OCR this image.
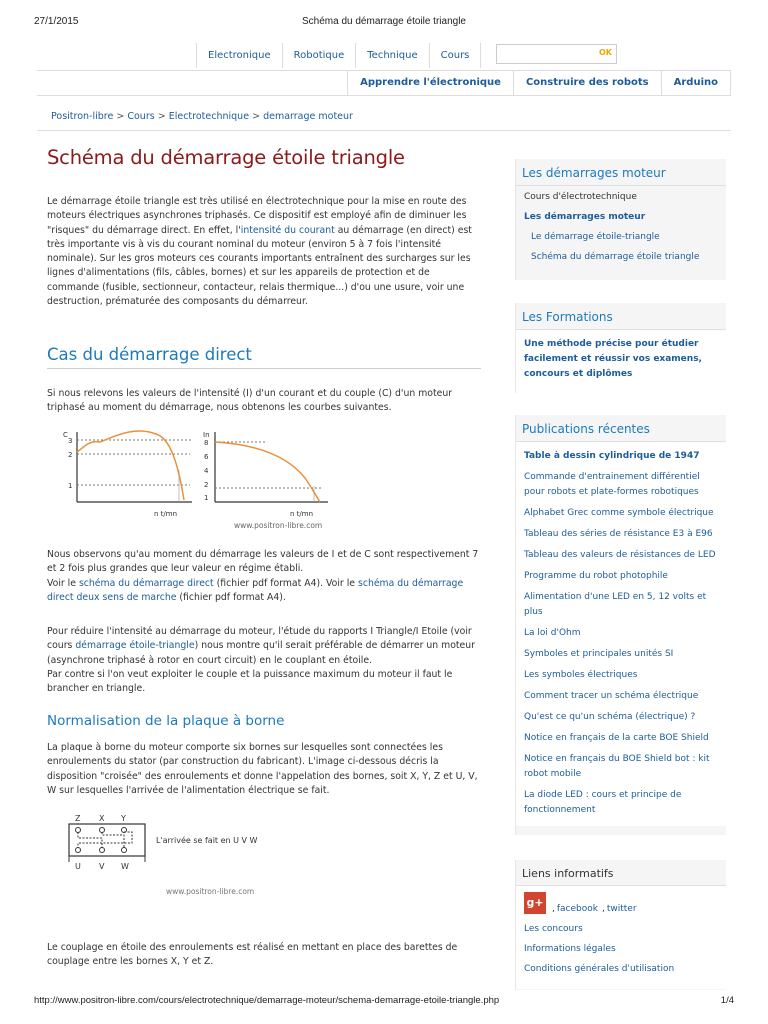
27/1/2015	Schéma du démarrage étoile triangle
Electronique	Robotique	Technique	Cours	OK
Apprendre l'électronique	Construire des robots	Arduino
Positron-libre > Cours > Electrotechnique > demarrage moteur
Schéma du démarrage étoile triangle

Le démarrage étoile triangle est très utilisé en électrotechnique pour la mise en route des moteurs électriques asynchrones triphasés. Ce dispositif est employé afin de diminuer les "risques" du démarrage direct. En effet, l'intensité du courant au démarrage (en direct) est très importante vis à vis du courant nominal du moteur (environ 5 à 7 fois l'intensité nominale). Sur les gros moteurs ces courants importants entraînent des surcharges sur les lignes d'alimentations (fils, câbles, bornes) et sur les appareils de protection et de commande (fusible, sectionneur, contacteur, relais thermique...) d'ou une usure, voir une destruction, prématurée des composants du démarreur.

Cas du démarrage direct

Si nous relevons les valeurs de l'intensité (I) d'un courant et du couple (C) d'un moteur triphasé au moment du démarrage, nous obtenons les courbes suivantes.

C
3
2
1
n t/mn
In
8
6
4
2
1
n t/mn
www.positron-libre.com

Nous observons qu'au moment du démarrage les valeurs de I et de C sont respectivement 7 et 2 fois plus grandes que leur valeur en régime établi.
Voir le schéma du démarrage direct (fichier pdf format A4). Voir le schéma du démarrage direct deux sens de marche (fichier pdf format A4).

Pour réduire l'intensité au démarrage du moteur, l'étude du rapports I Triangle/I Etoile (voir cours démarrage étoile-triangle) nous montre qu'il serait préférable de démarrer un moteur (asynchrone triphasé à rotor en court circuit) en le couplant en étoile.
Par contre si l'on veut exploiter le couple et la puissance maximum du moteur il faut le brancher en triangle.

Normalisation de la plaque à borne

La plaque à borne du moteur comporte six bornes sur lesquelles sont connectées les enroulements du stator (par construction du fabricant). L'image ci-dessous décris la disposition "croisée" des enroulements et donne l'appelation des bornes, soit X, Y, Z et U, V, W sur lesquelles l'arrivée de l'alimentation électrique se fait.

Z X Y
U V W
L'arrivée se fait en U V W
www.positron-libre.com

Le couplage en étoile des enroulements est réalisé en mettant en place des barettes de couplage entre les bornes X, Y et Z.

Les démarrages moteur
Cours d'électrotechnique
Les démarrages moteur
Le démarrage étoile-triangle
Schéma du démarrage étoile triangle
Les Formations
Une méthode précise pour étudier facilement et réussir vos examens, concours et diplômes
Publications récentes
Table à dessin cylindrique de 1947
Commande d'entrainement différentiel pour robots et plate-formes robotiques
Alphabet Grec comme symbole électrique
Tableau des séries de résistance E3 à E96
Tableau des valeurs de résistances de LED
Programme du robot photophile
Alimentation d'une LED en 5, 12 volts et plus
La loi d'Ohm
Symboles et principales unités SI
Les symboles électriques
Comment tracer un schéma électrique
Qu'est ce qu'un schéma (électrique) ?
Notice en français de la carte BOE Shield
Notice en français du BOE Shield bot : kit robot mobile
La diode LED : cours et principe de fonctionnement
Liens informatifs
g+ , facebook , twitter
Les concours
Informations légales
Conditions générales d'utilisation
http://www.positron-libre.com/cours/electrotechnique/demarrage-moteur/schema-demarrage-etoile-triangle.php	1/4
